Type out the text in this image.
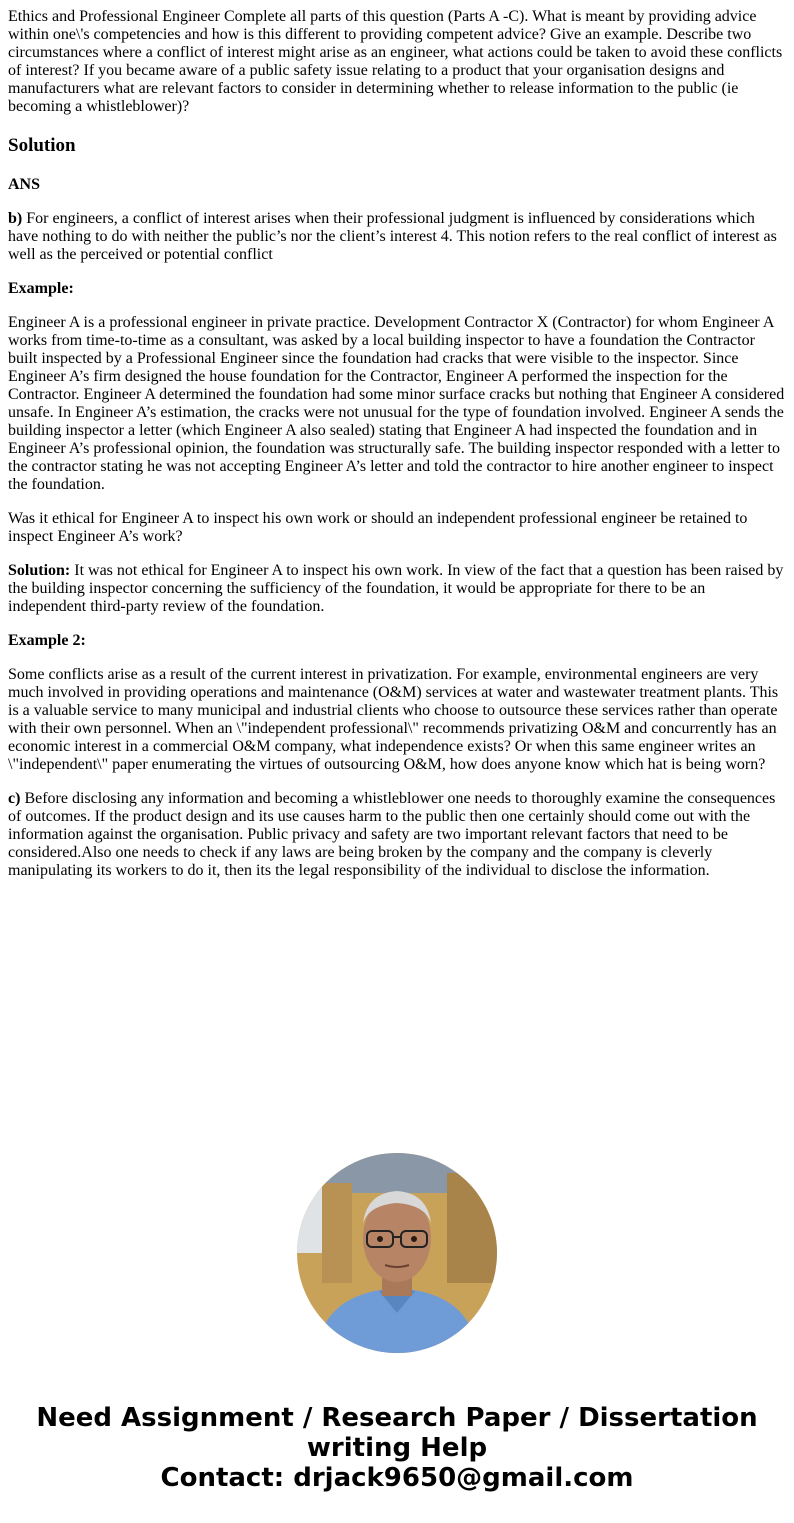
Ethics and Professional Engineer Complete all parts of this question (Parts A -C). What is meant by providing advice within one\'s competencies and how is this different to providing competent advice? Give an example. Describe two circumstances where a conflict of interest might arise as an engineer, what actions could be taken to avoid these conflicts of interest? If you became aware of a public safety issue relating to a product that your organisation designs and manufacturers what are relevant factors to consider in determining whether to release information to the public (ie becoming a whistleblower)?

Solution

ANS

b) For engineers, a conflict of interest arises when their professional judgment is influenced by considerations which have nothing to do with neither the public’s nor the client’s interest 4. This notion refers to the real conflict of interest as well as the perceived or potential conflict

Example:

Engineer A is a professional engineer in private practice. Development Contractor X (Contractor) for whom Engineer A works from time-to-time as a consultant, was asked by a local building inspector to have a foundation the Contractor built inspected by a Professional Engineer since the foundation had cracks that were visible to the inspector. Since Engineer A’s firm designed the house foundation for the Contractor, Engineer A performed the inspection for the Contractor. Engineer A determined the foundation had some minor surface cracks but nothing that Engineer A considered unsafe. In Engineer A’s estimation, the cracks were not unusual for the type of foundation involved. Engineer A sends the building inspector a letter (which Engineer A also sealed) stating that Engineer A had inspected the foundation and in Engineer A’s professional opinion, the foundation was structurally safe. The building inspector responded with a letter to the contractor stating he was not accepting Engineer A’s letter and told the contractor to hire another engineer to inspect the foundation.

Was it ethical for Engineer A to inspect his own work or should an independent professional engineer be retained to inspect Engineer A’s work?

Solution: It was not ethical for Engineer A to inspect his own work. In view of the fact that a question has been raised by the building inspector concerning the sufficiency of the foundation, it would be appropriate for there to be an independent third-party review of the foundation.

Example 2:

Some conflicts arise as a result of the current interest in privatization. For example, environmental engineers are very much involved in providing operations and maintenance (O&M) services at water and wastewater treatment plants. This is a valuable service to many municipal and industrial clients who choose to outsource these services rather than operate with their own personnel. When an \"independent professional\" recommends privatizing O&M and concurrently has an economic interest in a commercial O&M company, what independence exists? Or when this same engineer writes an \"independent\" paper enumerating the virtues of outsourcing O&M, how does anyone know which hat is being worn?

c) Before disclosing any information and becoming a whistleblower one needs to thoroughly examine the consequences of outcomes. If the product design and its use causes harm to the public then one certainly should come out with the information against the organisation. Public privacy and safety are two important relevant factors that need to be considered.Also one needs to check if any laws are being broken by the company and the company is cleverly manipulating its workers to do it, then its the legal responsibility of the individual to disclose the information.

Need Assignment / Research Paper / Dissertation
writing Help
Contact: drjack9650@gmail.com
